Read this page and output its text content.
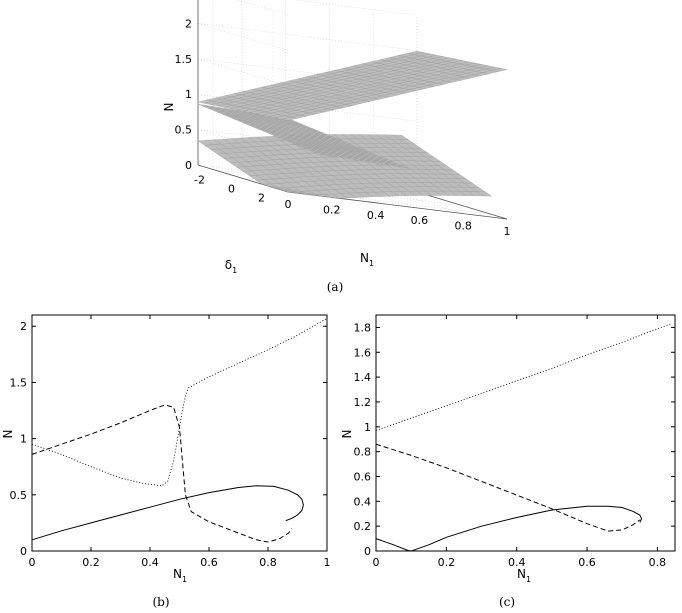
0	0.2 0.4 0.6 0.8	1
-2
0
2
0
0.5
1
1.5
2
N
$N_1$
$\delta_1$
(a)
0	0.2	0.4	0.6	0.8	1
0
0.5
1
1.5
2
N
$N_1$
(b)
0	0.2	0.4	0.6	0.8
0
0.2
0.4
0.6
0.8
1
1.2
1.4
1.6
1.8
N
$N_1$
(c)
